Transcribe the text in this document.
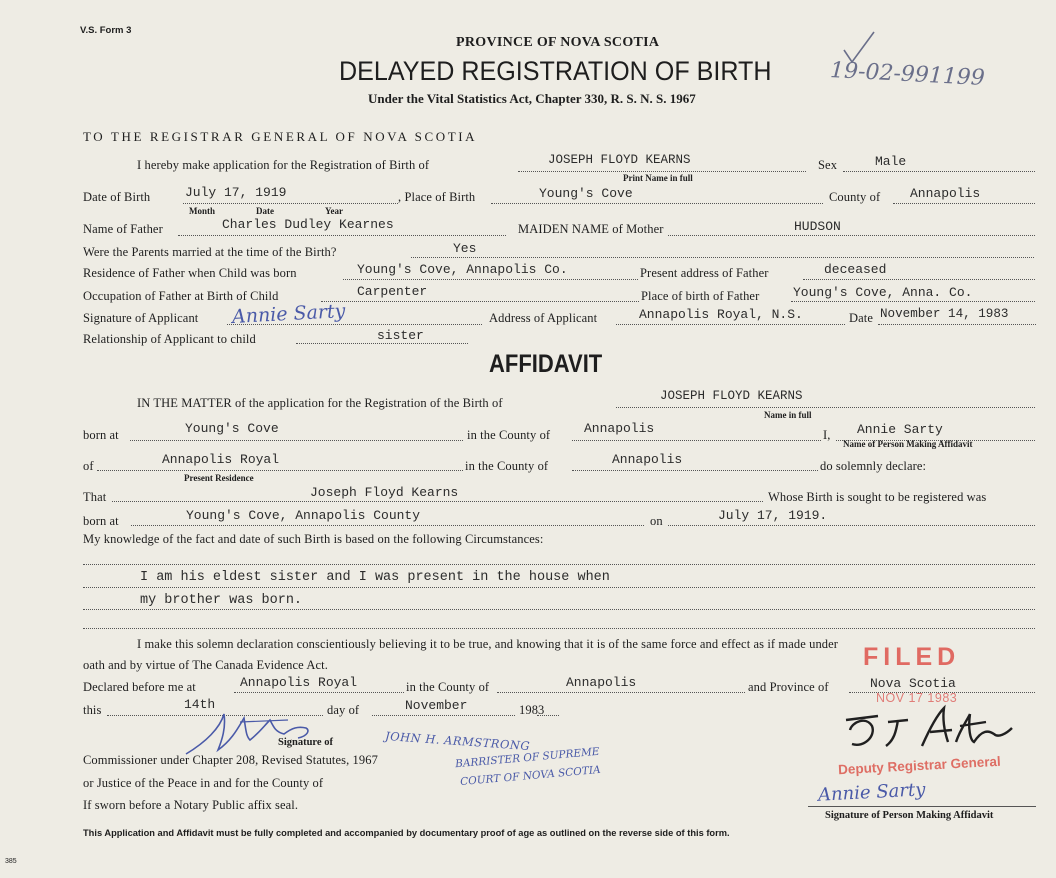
V.S. Form 3
PROVINCE OF NOVA SCOTIA
DELAYED REGISTRATION OF BIRTH
Under the Vital Statistics Act, Chapter 330, R. S. N. S. 1967
19-02-991199
TO THE REGISTRAR GENERAL OF NOVA SCOTIA
I hereby make application for the Registration of Birth of	JOSEPH FLOYD KEARNS
Print Name in full
Sex	Male
Date of Birth	July 17, 1919
Month	Date	Year
, Place of Birth	Young's Cove	County of Annapolis
Name of Father	Charles Dudley Kearnes	MAIDEN NAME of Mother	HUDSON
Were the Parents married at the time of the Birth?	Yes
Residence of Father when Child was born	Young's Cove, Annapolis Co.	Present address of Father	deceased
Occupation of Father at Birth of Child	Carpenter	Place of birth of Father	Young's Cove, Anna. Co.
Signature of Applicant Annie Sarty	Address of Applicant	Annapolis Royal, N.S.	Date November 14, 1983
Relationship of Applicant to child	sister
AFFIDAVIT
IN THE MATTER of the application for the Registration of the Birth of	JOSEPH FLOYD KEARNS
Name in full
born at	Young's Cove	in the County of	Annapolis	I, Annie Sarty
Name of Person Making Affidavit
of	Annapolis Royal
Present Residence
in the County of	Annapolis	do solemnly declare:
That	Joseph Floyd Kearns	Whose Birth is sought to be registered was
born at	Young's Cove, Annapolis County	on	July 17, 1919.
My knowledge of the fact and date of such Birth is based on the following Circumstances:
I am his eldest sister and I was present in the house when
my brother was born.
I make this solemn declaration conscientiously believing it to be true, and knowing that it is of the same force and effect as if made under
oath and by virtue of The Canada Evidence Act.
Declared before me at	Annapolis Royal	in the County of	Annapolis	and Province of	Nova Scotia
this	14th	day of	November	1983
Signature of	JOHN H. ARMSTRONG
BARRISTER OF SUPREME
COURT OF NOVA SCOTIA
Commissioner under Chapter 208, Revised Statutes, 1967
or Justice of the Peace in and for the County of
If sworn before a Notary Public affix seal.
FILED
NOV 17 1983
Deputy Registrar General
Annie Sarty
Signature of Person Making Affidavit
This Application and Affidavit must be fully completed and accompanied by documentary proof of age as outlined on the reverse side of this form.
385
